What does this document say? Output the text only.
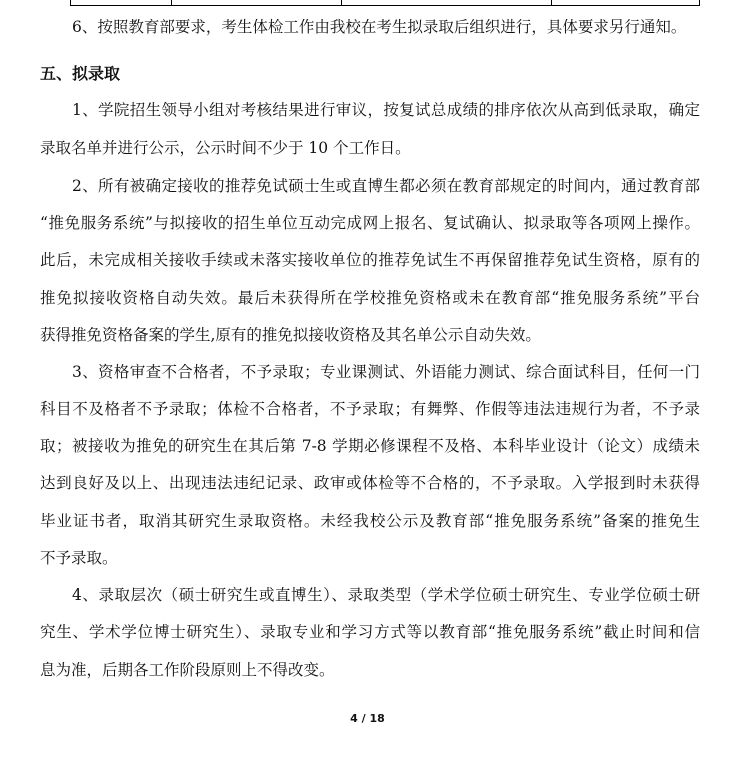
6、按照教育部要求，考生体检工作由我校在考生拟录取后组织进行，具体要求另行通知。
五、拟录取
1、学院招生领导小组对考核结果进行审议，按复试总成绩的排序依次从高到低录取，确定
录取名单并进行公示，公示时间不少于 10 个工作日。
2、所有被确定接收的推荐免试硕士生或直博生都必须在教育部规定的时间内，通过教育部
“推免服务系统”与拟接收的招生单位互动完成网上报名、复试确认、拟录取等各项网上操作。
此后，未完成相关接收手续或未落实接收单位的推荐免试生不再保留推荐免试生资格，原有的
推免拟接收资格自动失效。最后未获得所在学校推免资格或未在教育部“推免服务系统”平台
获得推免资格备案的学生,原有的推免拟接收资格及其名单公示自动失效。
3、资格审查不合格者，不予录取；专业课测试、外语能力测试、综合面试科目，任何一门
科目不及格者不予录取；体检不合格者，不予录取；有舞弊、作假等违法违规行为者，不予录
取；被接收为推免的研究生在其后第 7-8 学期必修课程不及格、本科毕业设计（论文）成绩未
达到良好及以上、出现违法违纪记录、政审或体检等不合格的，不予录取。入学报到时未获得
毕业证书者，取消其研究生录取资格。未经我校公示及教育部“推免服务系统”备案的推免生
不予录取。
4、录取层次（硕士研究生或直博生）、录取类型（学术学位硕士研究生、专业学位硕士研
究生、学术学位博士研究生）、录取专业和学习方式等以教育部“推免服务系统”截止时间和信
息为准，后期各工作阶段原则上不得改变。
4 / 18
